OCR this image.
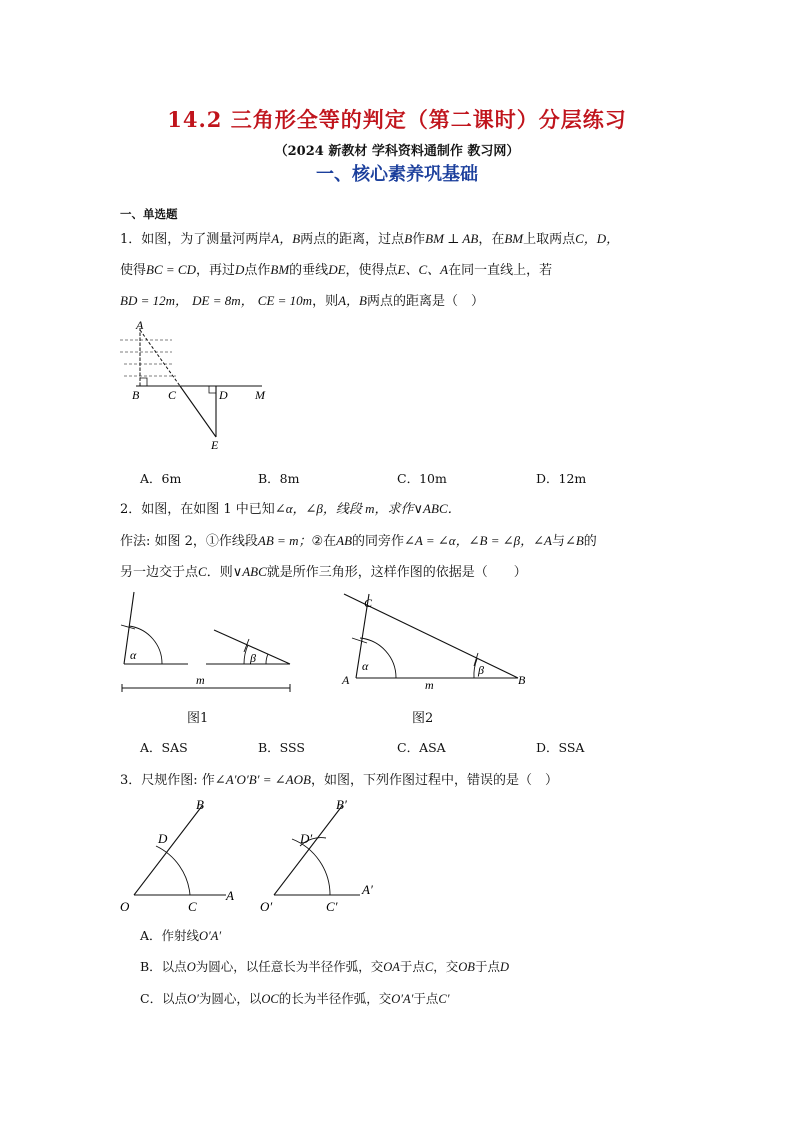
14.2 三角形全等的判定（第二课时）分层练习
（2024 新教材 学科资料通制作 教习网）
一、核心素养巩基础
一、单选题
1．如图，为了测量河两岸A，B两点的距离，过点B作BM ⊥ AB，在BM上取两点C，D，
使得BC = CD，再过D点作BM的垂线DE，使得点E、C、A在同一直线上，若
BD = 12m， DE = 8m， CE = 10m，则A，B两点的距离是（　）
A
B C	D M
E
A．6m	B．8m	C．10m	D．12m
2．如图，在如图 1 中已知∠α，∠β，线段 m，求作∨ABC．
作法: 如图 2，①作线段AB = m；②在AB的同旁作∠A = ∠α，∠B = ∠β，∠A与∠B的
另一边交于点C．则∨ABC就是所作三角形，这样作图的依据是（　　）
α	β
m
α	β
C
A	B
m
图1	图2
A．SAS	B．SSS	C．ASA	D．SSA
3．尺规作图: 作∠A′O′B′ = ∠AOB，如图，下列作图过程中，错误的是（　）
B
D
O	C
A
B′
D′
O′	C′
A′
A．作射线O′A′
B．以点O为圆心，以任意长为半径作弧，交OA于点C，交OB于点D
C．以点O′为圆心，以OC的长为半径作弧，交O′A′于点C′
